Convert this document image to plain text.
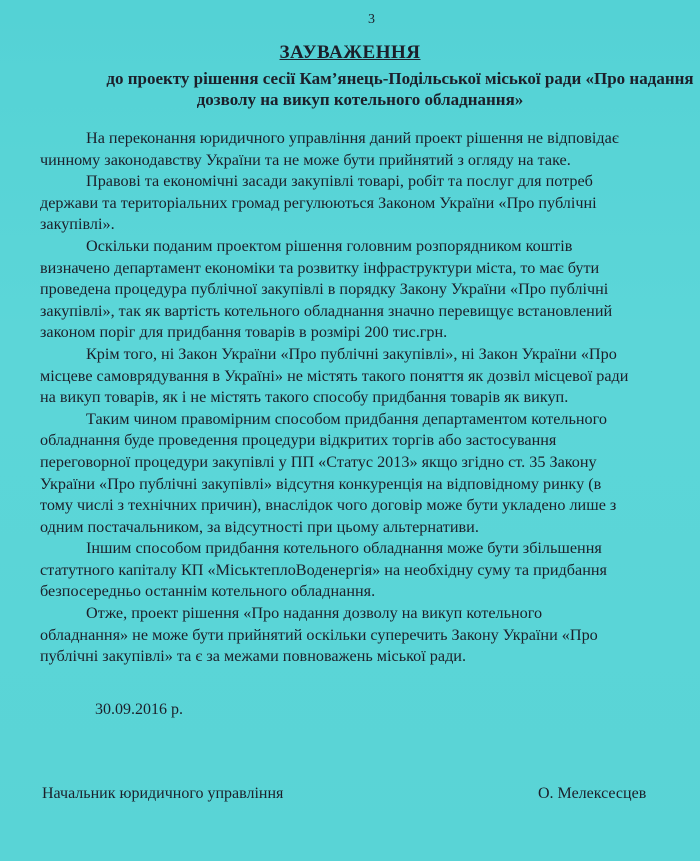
3
ЗАУВАЖЕННЯ
до проекту рішення сесії Кам’янець-Подільської міської ради «Про надання
дозволу на викуп котельного обладнання»
На переконання юридичного управління даний проект рішення не відповідає
чинному законодавству України та не може бути прийнятий з огляду на таке.
Правові та економічні засади закупівлі товарі, робіт та послуг для потреб
держави та територіальних громад регулюються Законом України «Про публічні
закупівлі».
Оскільки поданим проектом рішення головним розпорядником коштів
визначено департамент економіки та розвитку інфраструктури міста, то має бути
проведена процедура публічної закупівлі в порядку Закону України «Про публічні
закупівлі», так як вартість котельного обладнання значно перевищує встановлений
законом поріг для придбання товарів в розмірі 200 тис.грн.
Крім того, ні Закон України «Про публічні закупівлі», ні Закон України «Про
місцеве самоврядування в Україні» не містять такого поняття як дозвіл місцевої ради
на викуп товарів, як і не містять такого способу придбання товарів як викуп.
Таким чином правомірним способом придбання департаментом котельного
обладнання буде проведення процедури відкритих торгів або застосування
переговорної процедури закупівлі у ПП «Статус 2013» якщо згідно ст. 35 Закону
України «Про публічні закупівлі» відсутня конкуренція на відповідному ринку (в
тому числі з технічних причин), внаслідок чого договір може бути укладено лише з
одним постачальником, за відсутності при цьому альтернативи.
Іншим способом придбання котельного обладнання може бути збільшення
статутного капіталу КП «МіськтеплоВоденергія» на необхідну суму та придбання
безпосередньо останнім котельного обладнання.
Отже, проект рішення «Про надання дозволу на викуп котельного
обладнання» не може бути прийнятий оскільки суперечить Закону України «Про
публічні закупівлі» та є за межами повноважень міської ради.
30.09.2016 р.
Начальник юридичного управління	О. Мелексесцев
